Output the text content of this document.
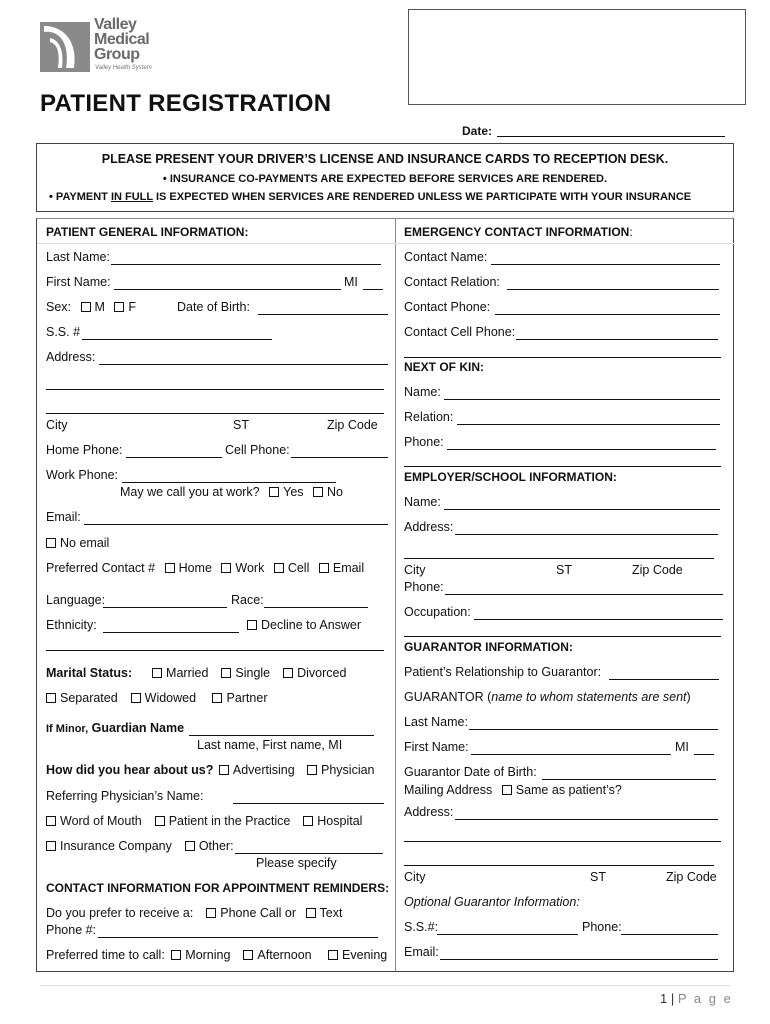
Valley
Medical
Group
Valley Health System
PATIENT REGISTRATION
Date:
PLEASE PRESENT YOUR DRIVER’S LICENSE AND INSURANCE CARDS TO RECEPTION DESK.
• INSURANCE CO-PAYMENTS ARE EXPECTED BEFORE SERVICES ARE RENDERED.
• PAYMENT IN FULL IS EXPECTED WHEN SERVICES ARE RENDERED UNLESS WE PARTICIPATE WITH YOUR INSURANCE
PATIENT GENERAL INFORMATION:
Last Name:
First Name:	MI
Sex: M F	Date of Birth:
S.S. #
Address:
City	ST	Zip Code
Home Phone:	Cell Phone:
Work Phone:
May we call you at work? Yes No
Email:
No email
Preferred Contact # Home Work Cell Email
Language:	Race:
Ethnicity:	Decline to Answer
Marital Status:	Married Single Divorced
Separated Widowed Partner
If Minor, Guardian Name
Last name, First name, MI
How did you hear about us? Advertising	Physician
Referring Physician’s Name:
Word of Mouth Patient in the Practice Hospital
Insurance Company Other:
Please specify
CONTACT INFORMATION FOR APPOINTMENT REMINDERS:
Do you prefer to receive a: Phone Call or Text
Phone #:
Preferred time to call: Morning Afternoon Evening
EMERGENCY CONTACT INFORMATION:
Contact Name:
Contact Relation:
Contact Phone:
Contact Cell Phone:
NEXT OF KIN:
Name:
Relation:
Phone:
EMPLOYER/SCHOOL INFORMATION:
Name:
Address:
City	ST	Zip Code
Phone:
Occupation:
GUARANTOR INFORMATION:
Patient’s Relationship to Guarantor:
GUARANTOR (name to whom statements are sent)
Last Name:
First Name:	MI
Guarantor Date of Birth:
Mailing Address Same as patient’s?
Address:
City	ST	Zip Code
Optional Guarantor Information:
S.S.#:	Phone:
Email:
1 | P a g e
